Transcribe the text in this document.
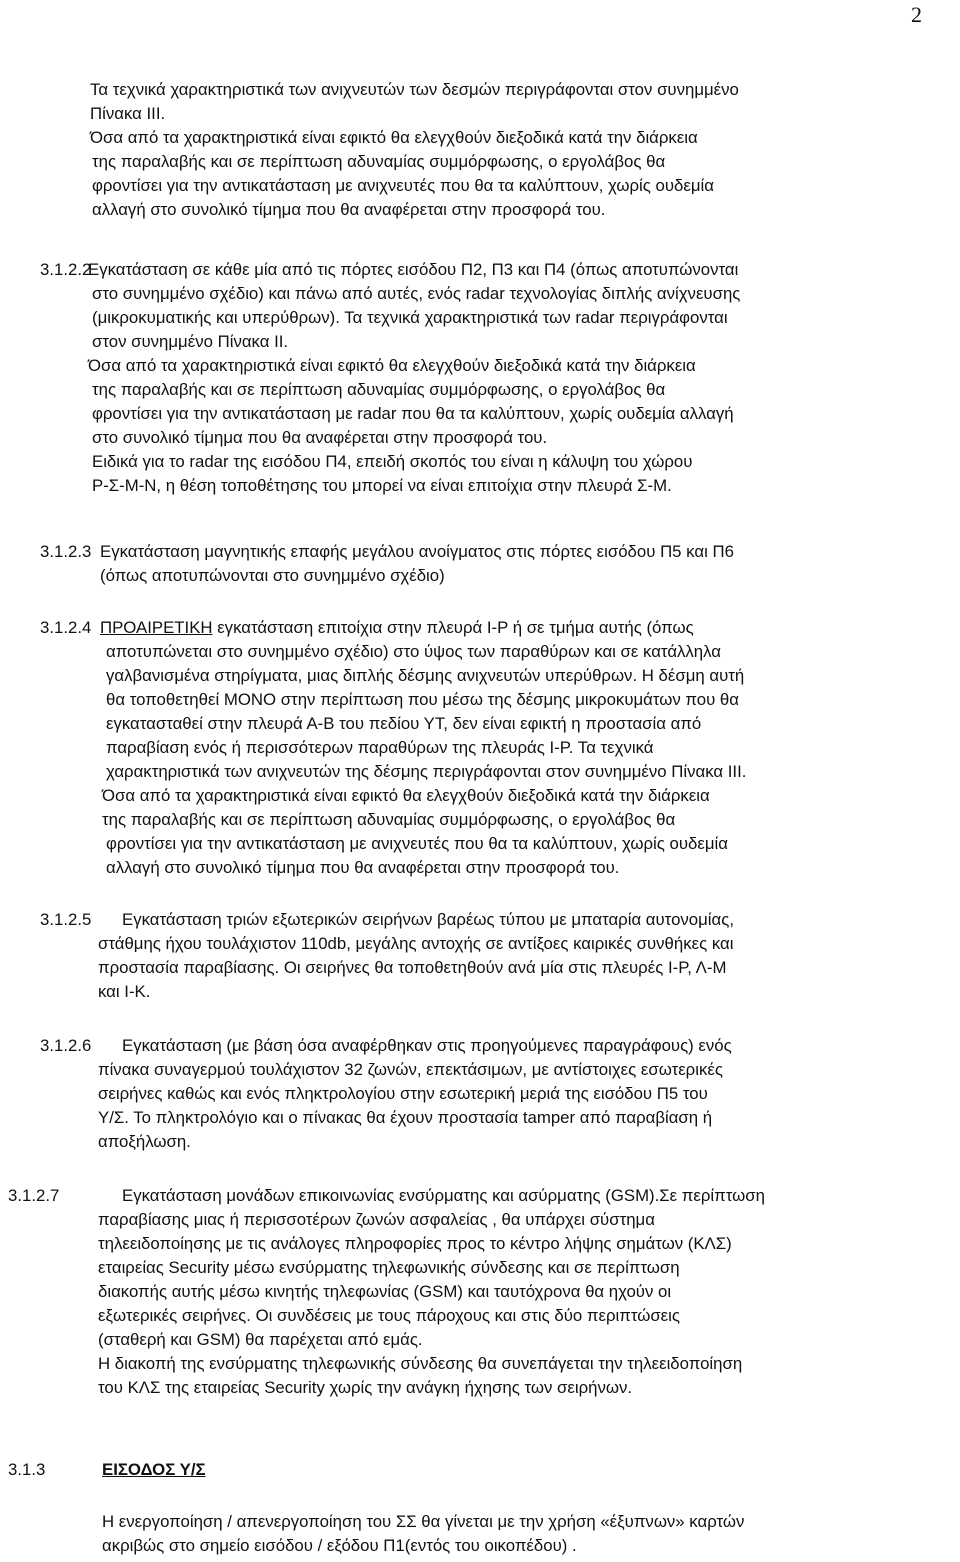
2
Τα τεχνικά χαρακτηριστικά των ανιχνευτών των δεσμών περιγράφονται στον συνημμένο
Πίνακα ΙΙΙ.
Όσα από τα χαρακτηριστικά είναι εφικτό θα ελεγχθούν διεξοδικά κατά την διάρκεια
της παραλαβής και σε περίπτωση αδυναμίας συμμόρφωσης, ο εργολάβος θα
φροντίσει για την αντικατάσταση με ανιχνευτές που θα τα καλύπτουν, χωρίς ουδεμία
αλλαγή στο συνολικό τίμημα που θα αναφέρεται στην προσφορά του.
3.1.2.2
Εγκατάσταση σε κάθε μία από τις πόρτες εισόδου Π2, Π3 και Π4 (όπως αποτυπώνονται
στο συνημμένο σχέδιο) και πάνω από αυτές, ενός radar τεχνολογίας διπλής ανίχνευσης
(μικροκυματικής και υπερύθρων). Τα τεχνικά χαρακτηριστικά των radar περιγράφονται
στον συνημμένο Πίνακα ΙΙ.
Όσα από τα χαρακτηριστικά είναι εφικτό θα ελεγχθούν διεξοδικά κατά την διάρκεια
της παραλαβής και σε περίπτωση αδυναμίας συμμόρφωσης, ο εργολάβος θα
φροντίσει για την αντικατάσταση με radar που θα τα καλύπτουν, χωρίς ουδεμία αλλαγή
στο συνολικό τίμημα που θα αναφέρεται στην προσφορά του.
Ειδικά για το radar της εισόδου Π4, επειδή σκοπός του είναι η κάλυψη του χώρου
Ρ-Σ-Μ-Ν, η θέση τοποθέτησης του μπορεί να είναι επιτοίχια στην πλευρά Σ-Μ.
3.1.2.3 Εγκατάσταση μαγνητικής επαφής μεγάλου ανοίγματος στις πόρτες εισόδου Π5 και Π6
(όπως αποτυπώνονται στο συνημμένο σχέδιο)
3.1.2.4 ΠΡΟΑΙΡΕΤΙΚΗ εγκατάσταση επιτοίχια στην πλευρά Ι-Ρ ή σε τμήμα αυτής (όπως
αποτυπώνεται στο συνημμένο σχέδιο) στο ύψος των παραθύρων και σε κατάλληλα
γαλβανισμένα στηρίγματα, μιας διπλής δέσμης ανιχνευτών υπερύθρων. Η δέσμη αυτή
θα τοποθετηθεί ΜΟΝΟ στην περίπτωση που μέσω της δέσμης μικροκυμάτων που θα
εγκατασταθεί στην πλευρά Α-Β του πεδίου ΥΤ, δεν είναι εφικτή η προστασία από
παραβίαση ενός ή περισσότερων παραθύρων της πλευράς Ι-Ρ. Τα τεχνικά
χαρακτηριστικά των ανιχνευτών της δέσμης περιγράφονται στον συνημμένο Πίνακα ΙΙΙ.
Όσα από τα χαρακτηριστικά είναι εφικτό θα ελεγχθούν διεξοδικά κατά την διάρκεια
της παραλαβής και σε περίπτωση αδυναμίας συμμόρφωσης, ο εργολάβος θα
φροντίσει για την αντικατάσταση με ανιχνευτές που θα τα καλύπτουν, χωρίς ουδεμία
αλλαγή στο συνολικό τίμημα που θα αναφέρεται στην προσφορά του.
3.1.2.5 Εγκατάσταση τριών εξωτερικών σειρήνων βαρέως τύπου με μπαταρία αυτονομίας,
στάθμης ήχου τουλάχιστον 110db, μεγάλης αντοχής σε αντίξοες καιρικές συνθήκες και
προστασία παραβίασης. Οι σειρήνες θα τοποθετηθούν ανά μία στις πλευρές Ι-Ρ, Λ-Μ
και Ι-Κ.
3.1.2.6 Εγκατάσταση (με βάση όσα αναφέρθηκαν στις προηγούμενες παραγράφους) ενός
πίνακα συναγερμού τουλάχιστον 32 ζωνών, επεκτάσιμων, με αντίστοιχες εσωτερικές
σειρήνες καθώς και ενός πληκτρολογίου στην εσωτερική μεριά της εισόδου Π5 του
Υ/Σ. Το πληκτρολόγιο και ο πίνακας θα έχουν προστασία tamper από παραβίαση ή
αποξήλωση.
3.1.2.7	Εγκατάσταση μονάδων επικοινωνίας ενσύρματης και ασύρματης (GSM).Σε περίπτωση
παραβίασης μιας ή περισσοτέρων ζωνών ασφαλείας , θα υπάρχει σύστημα
τηλεειδοποίησης με τις ανάλογες πληροφορίες προς το κέντρο λήψης σημάτων (ΚΛΣ)
εταιρείας Security μέσω ενσύρματης τηλεφωνικής σύνδεσης και σε περίπτωση
διακοπής αυτής μέσω κινητής τηλεφωνίας (GSM) και ταυτόχρονα θα ηχούν οι
εξωτερικές σειρήνες. Οι συνδέσεις με τους πάροχους και στις δύο περιπτώσεις
(σταθερή και GSM) θα παρέχεται από εμάς.
Η διακοπή της ενσύρματης τηλεφωνικής σύνδεσης θα συνεπάγεται την τηλεειδοποίηση
του ΚΛΣ της εταιρείας Security χωρίς την ανάγκη ήχησης των σειρήνων.
3.1.3	ΕΙΣΟΔΟΣ Υ/Σ
Η ενεργοποίηση / απενεργοποίηση του ΣΣ θα γίνεται με την χρήση «έξυπνων» καρτών
ακριβώς στο σημείο εισόδου / εξόδου Π1(εντός του οικοπέδου) .
